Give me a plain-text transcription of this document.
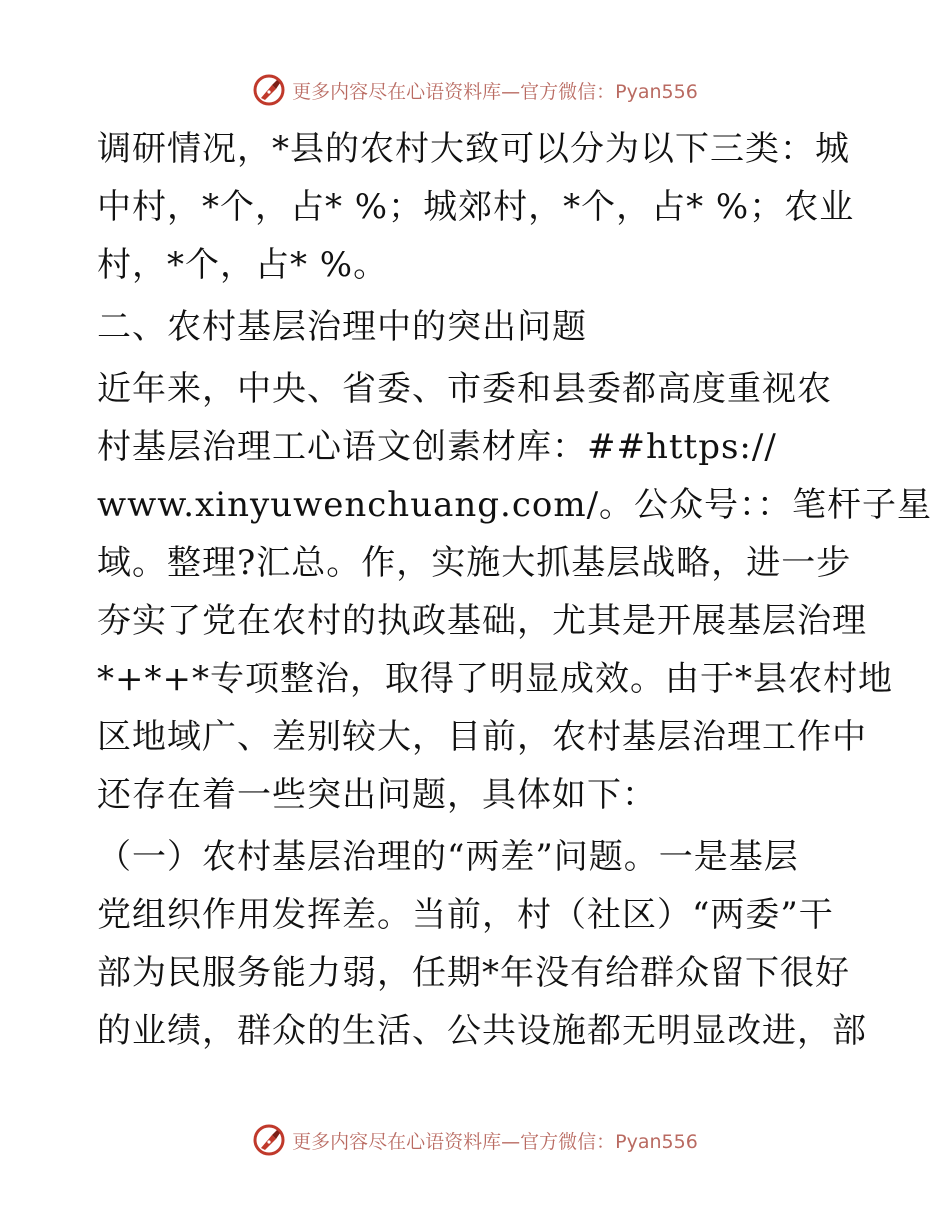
更多内容尽在心语资料库—官方微信：Pyan556
调研情况，*县的农村大致可以分为以下三类：城
中村，*个，占* %；城郊村，*个，占* %；农业
村，*个，占* %。
二、农村基层治理中的突出问题
近年来，中央、省委、市委和县委都高度重视农
村基层治理工心语文创素材库：##https://
www.xinyuwenchuang.com/。公众号：：笔杆子星
域。整理?汇总。作，实施大抓基层战略，进一步
夯实了党在农村的执政基础，尤其是开展基层治理
*+*+*专项整治，取得了明显成效。由于*县农村地
区地域广、差别较大，目前，农村基层治理工作中
还存在着一些突出问题，具体如下：
（一）农村基层治理的“两差”问题。一是基层
党组织作用发挥差。当前，村（社区）“两委”干
部为民服务能力弱，任期*年没有给群众留下很好
的业绩，群众的生活、公共设施都无明显改进，部
更多内容尽在心语资料库—官方微信：Pyan556
